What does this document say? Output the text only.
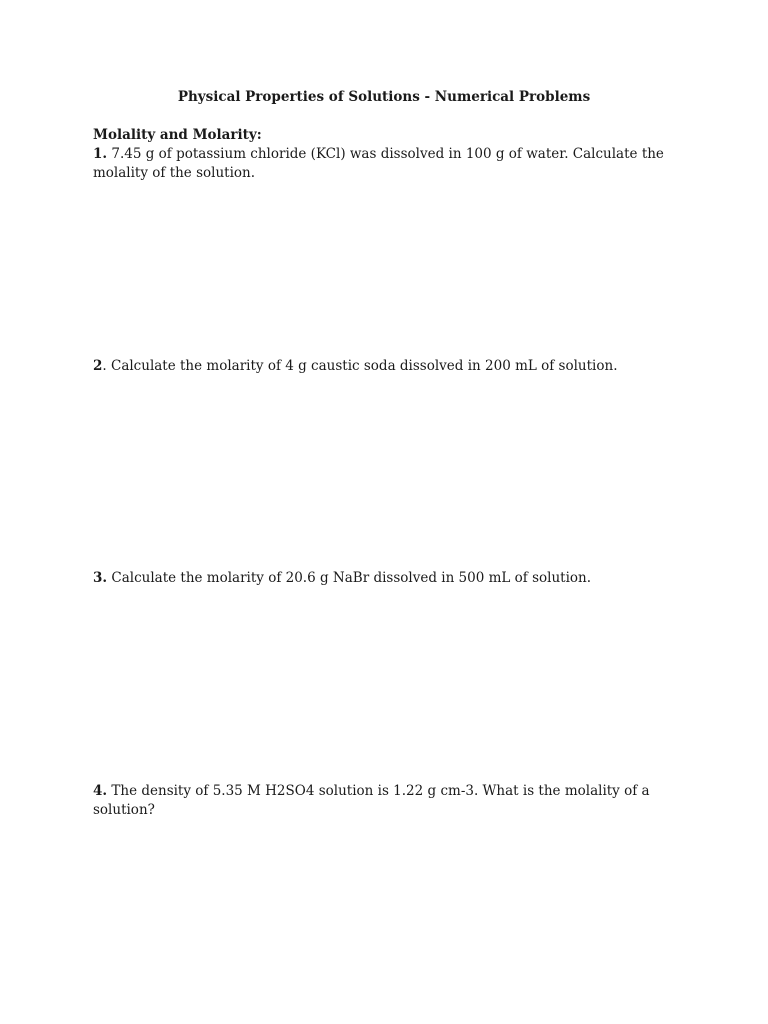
Physical Properties of Solutions - Numerical Problems
Molality and Molarity:
1. 7.45 g of potassium chloride (KCl) was dissolved in 100 g of water. Calculate the molality of the solution.
2. Calculate the molarity of 4 g caustic soda dissolved in 200 mL of solution.
3. Calculate the molarity of 20.6 g NaBr dissolved in 500 mL of solution.
4. The density of 5.35 M H2SO4 solution is 1.22 g cm-3. What is the molality of a solution?
